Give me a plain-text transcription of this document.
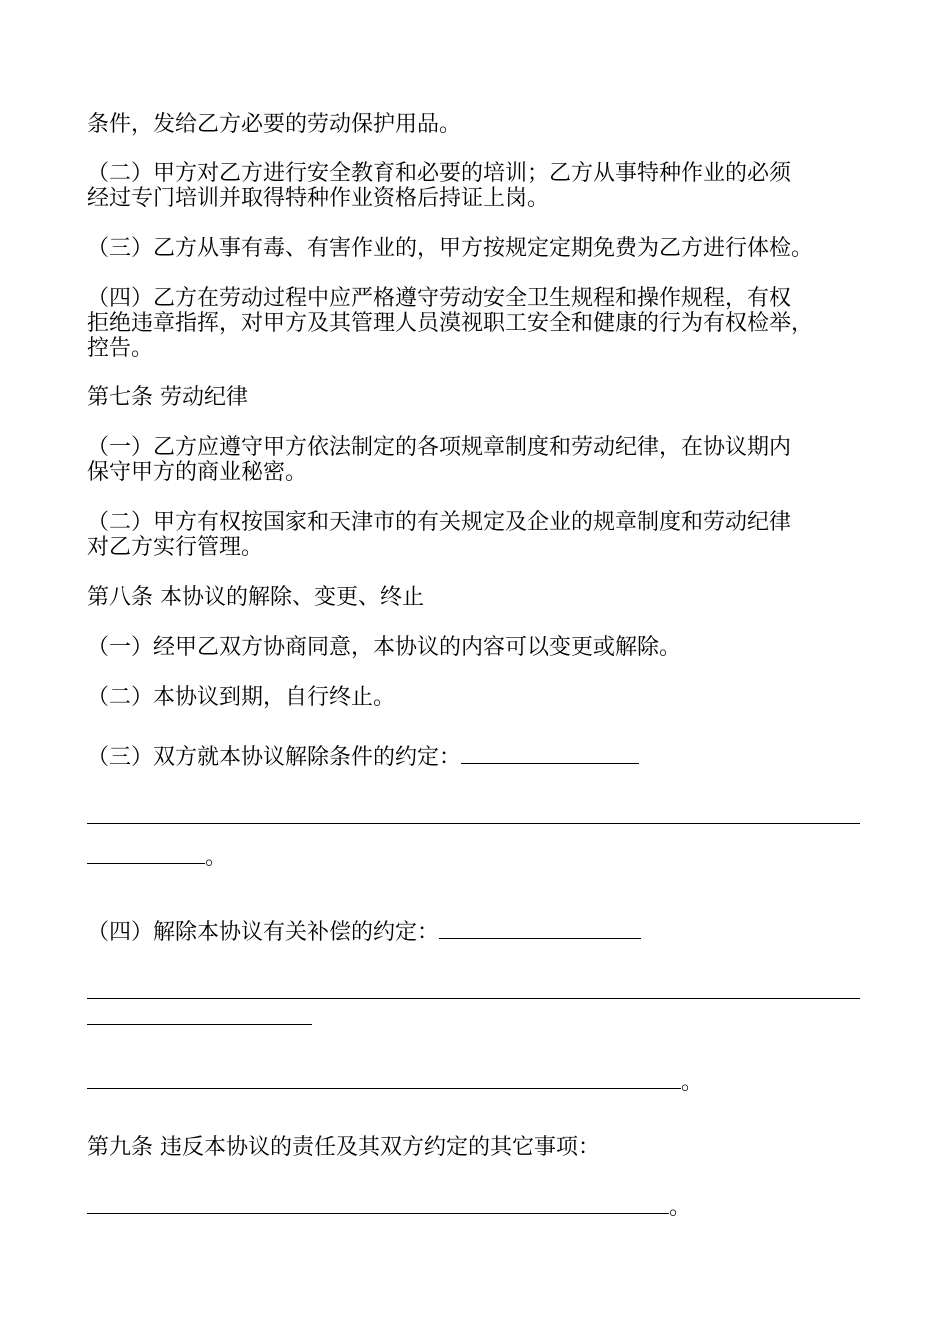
条件，发给乙方必要的劳动保护用品。

（二）甲方对乙方进行安全教育和必要的培训；乙方从事特种作业的必须

经过专门培训并取得特种作业资格后持证上岗。

（三）乙方从事有毒、有害作业的，甲方按规定定期免费为乙方进行体检。

（四）乙方在劳动过程中应严格遵守劳动安全卫生规程和操作规程，有权

拒绝违章指挥，对甲方及其管理人员漠视职工安全和健康的行为有权检举，

控告。

第七条 劳动纪律

（一）乙方应遵守甲方依法制定的各项规章制度和劳动纪律，在协议期内

保守甲方的商业秘密。

（二）甲方有权按国家和天津市的有关规定及企业的规章制度和劳动纪律

对乙方实行管理。

第八条 本协议的解除、变更、终止

（一）经甲乙双方协商同意，本协议的内容可以变更或解除。

（二）本协议到期，自行终止。

（三）双方就本协议解除条件的约定：

。

（四）解除本协议有关补偿的约定：

。

第九条 违反本协议的责任及其双方约定的其它事项：

。
